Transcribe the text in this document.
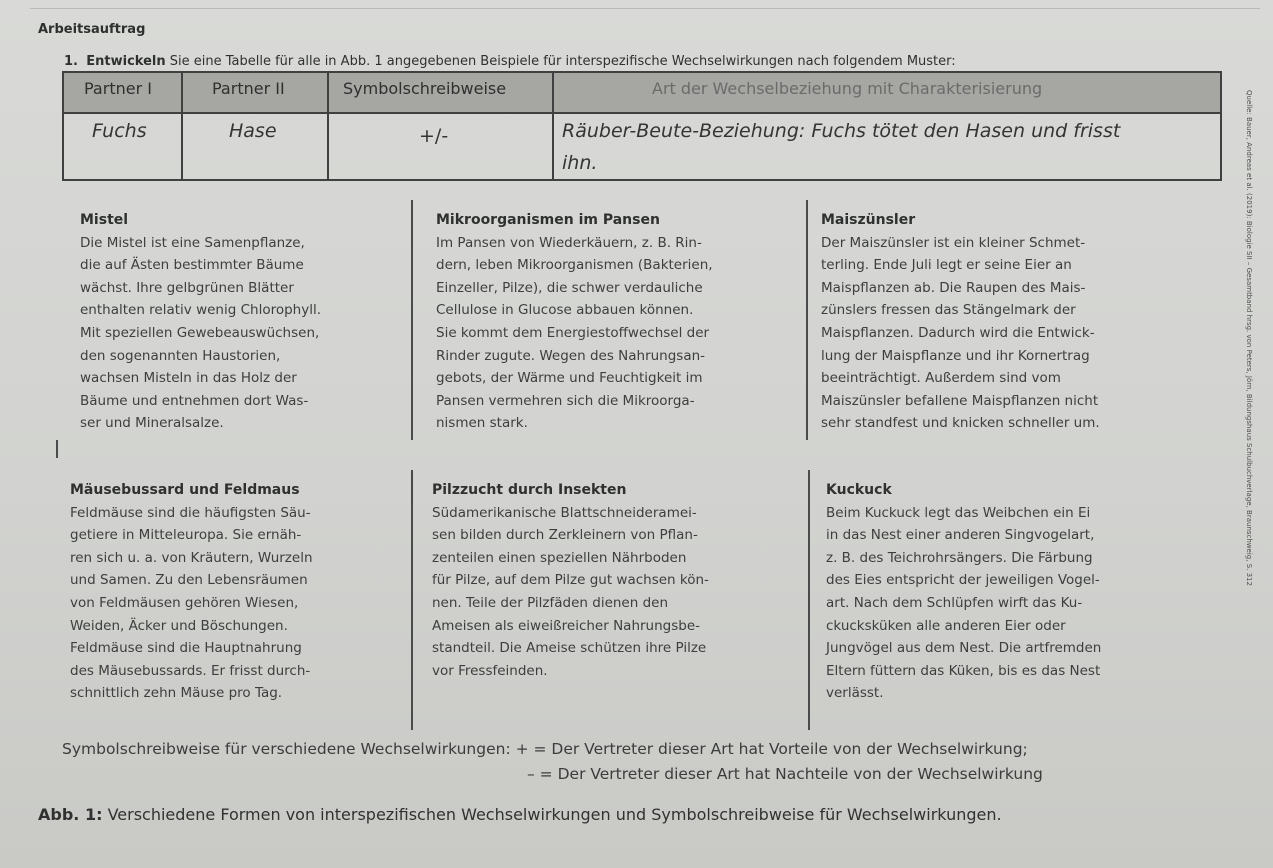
Arbeitsauftrag
1. Entwickeln Sie eine Tabelle für alle in Abb. 1 angegebenen Beispiele für interspezifische Wechselwirkungen nach folgendem Muster:
Partner I	Partner II	Symbolschreibweise	Art der Wechselbeziehung mit Charakterisierung
Fuchs	Hase	+/-	Räuber-Beute-Beziehung: Fuchs tötet den Hasen und frisst
ihn.
Mistel
Die Mistel ist eine Samenpflanze,
die auf Ästen bestimmter Bäume
wächst. Ihre gelbgrünen Blätter
enthalten relativ wenig Chlorophyll.
Mit speziellen Gewebeauswüchsen,
den sogenannten Haustorien,
wachsen Misteln in das Holz der
Bäume und entnehmen dort Was-
ser und Mineralsalze.
Mikroorganismen im Pansen
Im Pansen von Wiederkäuern, z. B. Rin-
dern, leben Mikroorganismen (Bakterien,
Einzeller, Pilze), die schwer verdauliche
Cellulose in Glucose abbauen können.
Sie kommt dem Energiestoffwechsel der
Rinder zugute. Wegen des Nahrungsan-
gebots, der Wärme und Feuchtigkeit im
Pansen vermehren sich die Mikroorga-
nismen stark.
Maiszünsler
Der Maiszünsler ist ein kleiner Schmet-
terling. Ende Juli legt er seine Eier an
Maispflanzen ab. Die Raupen des Mais-
zünslers fressen das Stängelmark der
Maispflanzen. Dadurch wird die Entwick-
lung der Maispflanze und ihr Kornertrag
beeinträchtigt. Außerdem sind vom
Maiszünsler befallene Maispflanzen nicht
sehr standfest und knicken schneller um.
Mäusebussard und Feldmaus
Feldmäuse sind die häufigsten Säu-
getiere in Mitteleuropa. Sie ernäh-
ren sich u. a. von Kräutern, Wurzeln
und Samen. Zu den Lebensräumen
von Feldmäusen gehören Wiesen,
Weiden, Äcker und Böschungen.
Feldmäuse sind die Hauptnahrung
des Mäusebussards. Er frisst durch-
schnittlich zehn Mäuse pro Tag.
Pilzzucht durch Insekten
Südamerikanische Blattschneideramei-
sen bilden durch Zerkleinern von Pflan-
zenteilen einen speziellen Nährboden
für Pilze, auf dem Pilze gut wachsen kön-
nen. Teile der Pilzfäden dienen den
Ameisen als eiweißreicher Nahrungsbe-
standteil. Die Ameise schützen ihre Pilze
vor Fressfeinden.
Kuckuck
Beim Kuckuck legt das Weibchen ein Ei
in das Nest einer anderen Singvogelart,
z. B. des Teichrohrsängers. Die Färbung
des Eies entspricht der jeweiligen Vogel-
art. Nach dem Schlüpfen wirft das Ku-
ckucksküken alle anderen Eier oder
Jungvögel aus dem Nest. Die artfremden
Eltern füttern das Küken, bis es das Nest
verlässt.
Symbolschreibweise für verschiedene Wechselwirkungen: + = Der Vertreter dieser Art hat Vorteile von der Wechselwirkung;
– = Der Vertreter dieser Art hat Nachteile von der Wechselwirkung
Abb. 1: Verschiedene Formen von interspezifischen Wechselwirkungen und Symbolschreibweise für Wechselwirkungen.
Quelle: Bauer, Andreas et al. (2019): Biologie SII – Gesamtband hrsg. von Peters, Jörn, Bildungshaus Schulbuchverlage, Braunschweig, S. 312
